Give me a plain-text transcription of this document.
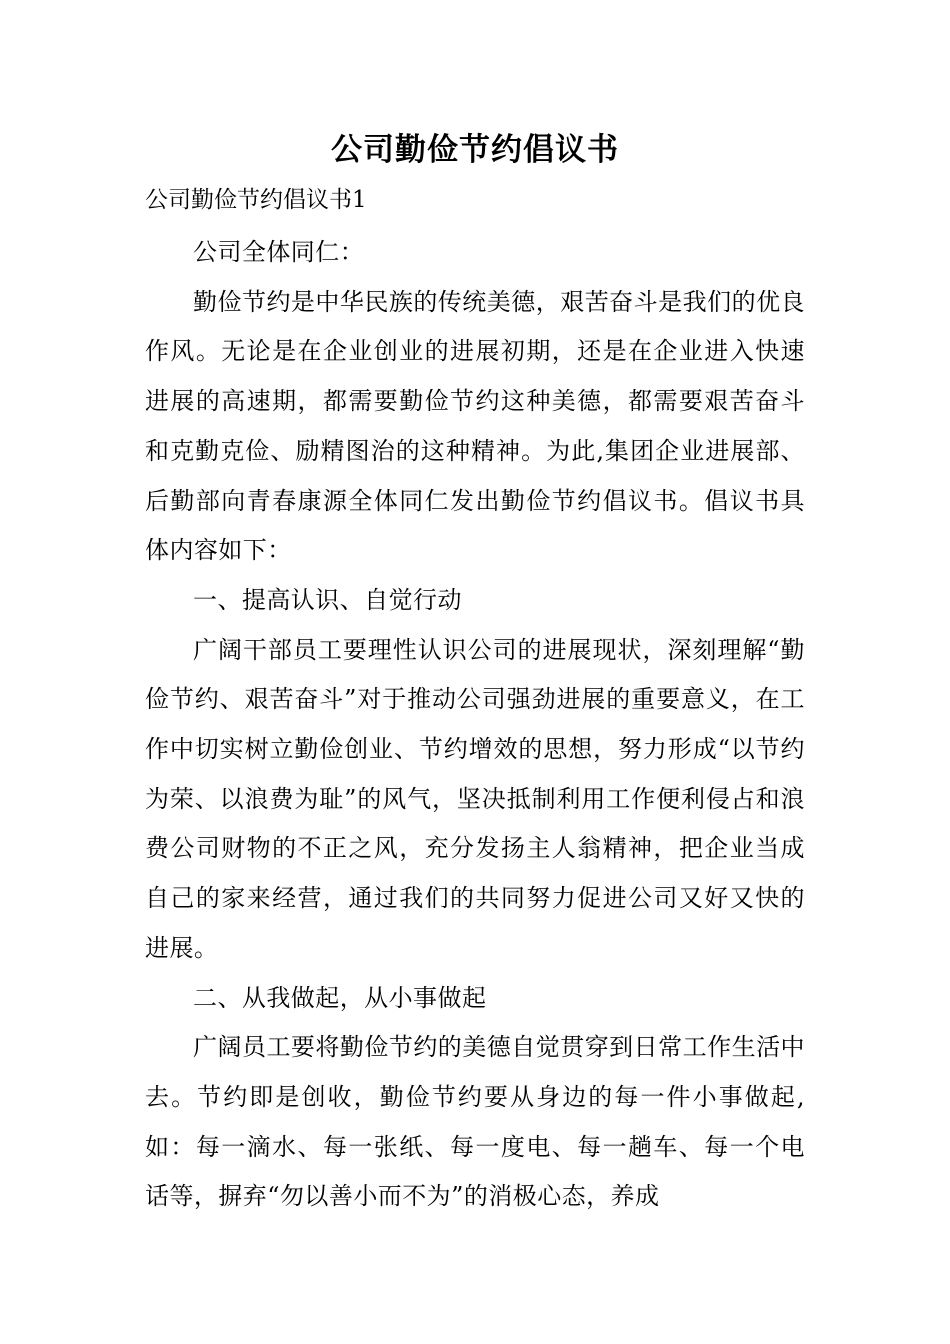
公司勤俭节约倡议书
公司勤俭节约倡议书1

公司全体同仁：

勤俭节约是中华民族的传统美德，艰苦奋斗是我们的优良作风。无论是在企业创业的进展初期，还是在企业进入快速进展的高速期，都需要勤俭节约这种美德，都需要艰苦奋斗和克勤克俭、励精图治的这种精神。为此,集团企业进展部、后勤部向青春康源全体同仁发出勤俭节约倡议书。倡议书具体内容如下：

一、提高认识、自觉行动

广阔干部员工要理性认识公司的进展现状，深刻理解“勤俭节约、艰苦奋斗”对于推动公司强劲进展的重要意义，在工作中切实树立勤俭创业、节约增效的思想，努力形成“以节约为荣、以浪费为耻”的风气，坚决抵制利用工作便利侵占和浪费公司财物的不正之风，充分发扬主人翁精神，把企业当成自己的家来经营，通过我们的共同努力促进公司又好又快的进展。

二、从我做起，从小事做起

广阔员工要将勤俭节约的美德自觉贯穿到日常工作生活中去。节约即是创收，勤俭节约要从身边的每一件小事做起,如：每一滴水、每一张纸、每一度电、每一趟车、每一个电话等，摒弃“勿以善小而不为”的消极心态，养成
